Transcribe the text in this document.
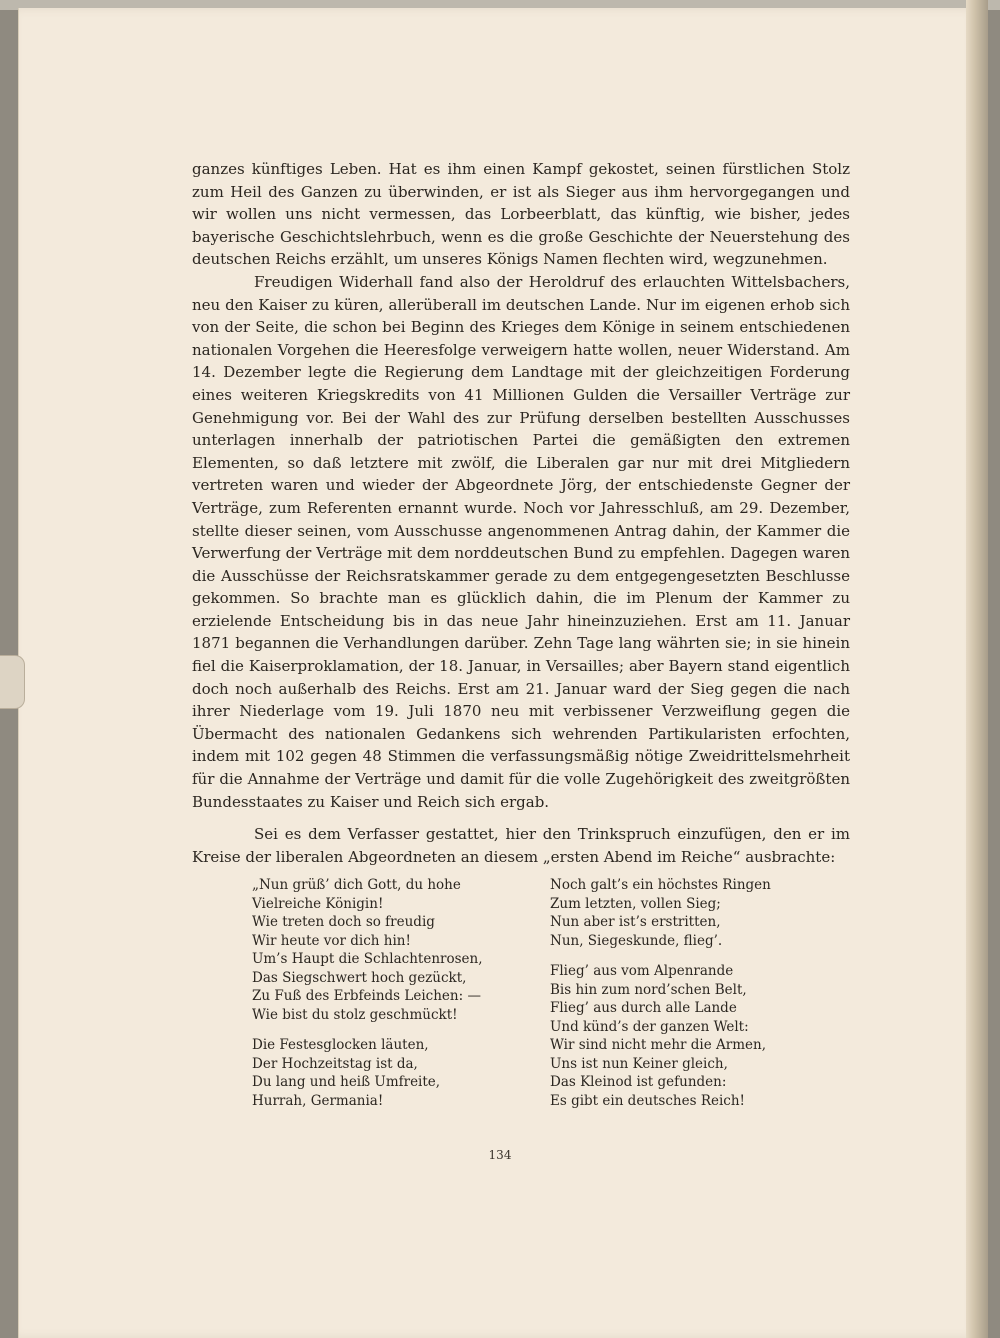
ganzes künftiges Leben. Hat es ihm einen Kampf gekostet, seinen fürstlichen Stolz zum Heil des Ganzen zu überwinden, er ist als Sieger aus ihm hervorgegangen und wir wollen uns nicht vermessen, das Lorbeerblatt, das künftig, wie bisher, jedes bayerische Geschichtslehrbuch, wenn es die große Geschichte der Neuerstehung des deutschen Reichs erzählt, um unseres Königs Namen flechten wird, wegzunehmen.

Freudigen Widerhall fand also der Heroldruf des erlauchten Wittelsbachers, neu den Kaiser zu küren, allerüberall im deutschen Lande. Nur im eigenen erhob sich von der Seite, die schon bei Beginn des Krieges dem Könige in seinem entschiedenen nationalen Vorgehen die Heeresfolge verweigern hatte wollen, neuer Widerstand. Am 14. Dezember legte die Regierung dem Landtage mit der gleichzeitigen Forderung eines weiteren Kriegskredits von 41 Millionen Gulden die Versailler Verträge zur Genehmigung vor. Bei der Wahl des zur Prüfung derselben bestellten Ausschusses unterlagen innerhalb der patriotischen Partei die gemäßigten den extremen Elementen, so daß letztere mit zwölf, die Liberalen gar nur mit drei Mitgliedern vertreten waren und wieder der Abgeordnete Jörg, der entschiedenste Gegner der Verträge, zum Referenten ernannt wurde. Noch vor Jahresschluß, am 29. Dezember, stellte dieser seinen, vom Ausschusse angenommenen Antrag dahin, der Kammer die Verwerfung der Verträge mit dem norddeutschen Bund zu empfehlen. Dagegen waren die Ausschüsse der Reichsratskammer gerade zu dem entgegengesetzten Beschlusse gekommen. So brachte man es glücklich dahin, die im Plenum der Kammer zu erzielende Entscheidung bis in das neue Jahr hineinzuziehen. Erst am 11. Januar 1871 begannen die Verhandlungen darüber. Zehn Tage lang währten sie; in sie hinein fiel die Kaiserproklamation, der 18. Januar, in Versailles; aber Bayern stand eigentlich doch noch außerhalb des Reichs. Erst am 21. Januar ward der Sieg gegen die nach ihrer Niederlage vom 19. Juli 1870 neu mit verbissener Verzweiflung gegen die Übermacht des nationalen Gedankens sich wehrenden Partikularisten erfochten, indem mit 102 gegen 48 Stimmen die verfassungsmäßig nötige Zweidrittelsmehrheit für die Annahme der Verträge und damit für die volle Zugehörigkeit des zweitgrößten Bundesstaates zu Kaiser und Reich sich ergab.

Sei es dem Verfasser gestattet, hier den Trinkspruch einzufügen, den er im Kreise der liberalen Abgeordneten an diesem „ersten Abend im Reiche“ ausbrachte:

„Nun grüß’ dich Gott, du hohe
Vielreiche Königin!
Wie treten doch so freudig
Wir heute vor dich hin!
Um’s Haupt die Schlachtenrosen,
Das Siegschwert hoch gezückt,
Zu Fuß des Erbfeinds Leichen: —
Wie bist du stolz geschmückt!
Die Festesglocken läuten,
Der Hochzeitstag ist da,
Du lang und heiß Umfreite,
Hurrah, Germania!
Noch galt’s ein höchstes Ringen
Zum letzten, vollen Sieg;
Nun aber ist’s erstritten,
Nun, Siegeskunde, flieg’.
Flieg’ aus vom Alpenrande
Bis hin zum nord’schen Belt,
Flieg’ aus durch alle Lande
Und künd’s der ganzen Welt:
Wir sind nicht mehr die Armen,
Uns ist nun Keiner gleich,
Das Kleinod ist gefunden:
Es gibt ein deutsches Reich!
134
